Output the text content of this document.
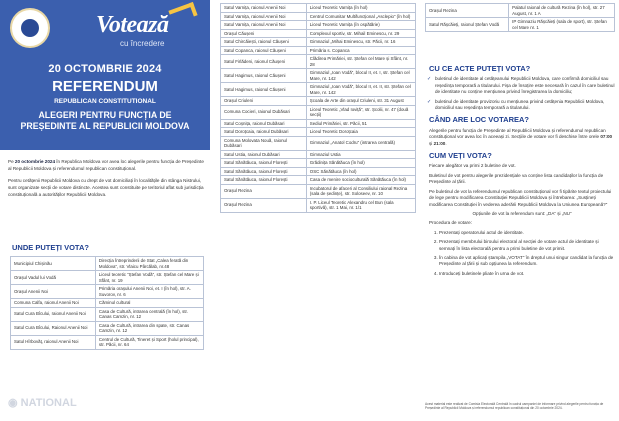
Votează
cu încredere
20 OCTOMBRIE 2024
REFERENDUM
REPUBLICAN CONSTITUTIONAL
ALEGERI PENTRU FUNCȚIA DE
PREȘEDINTE AL REPUBLICII MOLDOVA

Pe 20 octombrie 2024 în Republica Moldova vor avea loc alegerile pentru funcția de Președinte al Republicii Moldova și referendumul republican constituțional.

Pentru cetățenii Republicii Moldova cu drept de vot domiciliați în localitățile din stânga Nistrului, sunt organizate secții de votare distincte. Acestea sunt constituite pe teritoriul aflat sub jurisdicția constituțională a autorităților Republicii Moldova.

UNDE PUTEȚI VOTA?
Municipiul Chișinău	Direcția Întreprinderii de Stat „Calea ferată din Moldova”, str. Vlaicu Pârcălab, nr.48
Orașul Vadul lui Vodă	Liceul teoretic “Ștefan Vodă”, str. Ștefan cel Mare și Sfânt, nr. 19
Orașul Anenii Noi	Primăria orașului Anenii Noi, et. I (în hol), str. A. Suvorov, nr. 6
Comuna Calfa, raionul Anenii Noi	Căminul cultural
Satul Cura Bîcului, raionul Anenii Noi	Casa de Cultură, intrarea centrală (în hol), str. Canas Camzin, nr. 12
Satul Cura Bîcului, Raionul Anenii Noi	Casa de Cultură, intrarea din spate, str. Canas Camzin, nr. 12
Satul Hîrbovăț, raionul Anenii Noi	Centrul de Cultură, Tineret și Sport (holul principal), str. Păcii, nr. 64
Satul Varnița, raionul Anenii Noi	Liceul Teoretic Varnița (în hol)
Satul Varnița, raionul Anenii Noi	Centrul Comunitar Multifuncțional „Asclepio” (în hol)
Satul Varnița, raionul Anenii Noi	Liceul Teoretic Varnița (în ospătărie)
Orașul Căușeni	Complexul sportiv, str. Mihail Eminescu, nr. 29
Satul Chircăiești, raionul Căușeni	Gimnaziul „Mihai Eminescu, str. Păcii, nr. 16
Satul Copanca, raionul Căușeni	Primăria s. Copanca
Satul Firlădeni, raionul Căușeni	Clădirea Primăriei, str. Ștefan cel Mare și Sfânt, nr. 28
Satul Hagimus, raionul Căușeni	Gimnaziul „Ioan Vodă”, blocul II, et. I, str. Ștefan cel Mare, nr. 142
Satul Hagimus, raionul Căușeni	Gimnaziul „Ioan Vodă”, blocul II, et. II, str. Ștefan cel Mare, nr. 142
Orașul Criuleni	Școala de Arte din orașul Criuleni, str. 31 August
Comuna Cocieri, raionul Dubăsari	Liceul Teoretic „Vlad Ioviță”, str. Școlii, nr. 47 (două secții)
Satul Coșnița, raionul Dubăsari	Sediul Primăriei, str. Păcii, 51
Satul Doroțcaia, raionul Dubăsari	Liceul Teoretic Doroțcaia
Comuna Molovata Nouă, raionul Dubăsari	Gimnaziul „Anatol Codru” (intrarea centrală)
Satul Ustia, raionul Dubăsari	Gimnaziul Ustia
Satul Sănătăuca, raionul Florești	Grădinița Sănătăuca (în hol)
Satul Sănătăuca, raionul Florești	OSC Sănătăuca (în hol)
Satul Sănătăuca, raionul Florești	Casa de menire socioculturală Sănătăuca (în hol)
Orașul Rezina	Incubatorul de afaceri al Consiliului raional Rezina (sala de ședințe), str. Soloseev, nr. 10
Orașul Rezina	I. P. Liceul Teoretic Alexandru cel Bun (sala sportivă), str. 1 Mai, nr. 1/1
Orașul Rezina	Palatul raional de cultură Rezina (în hol), str. 27 August, nr. 1 A
Satul Rășcăieți, raionul Ștefan Vodă	IP Gimnaziu Rășcăieți (sala de sport), str. Ștefan cel Mare nr. 1
CU CE ACTE PUTEȚI VOTA?
✓ buletinul de identitate al cetățeanului Republicii Moldova, care confirmă domiciliul sau reședința temporară a titularului. Fișa de însoțire este necesară în cazul în care buletinul de identitate nu conține mențiunea privind înregistrarea la domiciliu;
✓ buletinul de identitate provizoriu cu mențiunea privind cetățenia Republicii Moldova, domiciliul sau reședința temporară a titularului.
CÂND ARE LOC VOTAREA?

Alegerile pentru funcția de Președinte al Republicii Moldova și referendumul republican constituțional vor avea loc în aceeași zi. Secțiile de votare vor fi deschise între orele 07:00 și 21:00.

CUM VEȚI VOTA?

Fiecare alegător va primi 2 buletine de vot.

Buletinul de vot pentru alegerile prezidențiale va conține lista candidaților la funcția de Președinte al țării.

Pe buletinul de vot la referendumul republican constituțional vor fi tipărite textul proiectului de lege pentru modificarea Constituției Republicii Moldova și întrebarea: „Susțineți modificarea Constituției în vederea aderării Republicii Moldova la Uniunea Europeană?”

Opțiunile de vot la referendum sunt: „DA” și „NU”

Procedura de votare:

1. Prezentați operatorului actul de identitate.
2. Prezentați membrului biroului electoral al secției de votare actul de identitate și semnați în lista electorală pentru a primi buletine de vot primit.
3. În cabina de vot aplicați ștampila „VOTAT” în dreptul unui singur candidat la funcția de Președinte al țării și sub opțiunea la referendum.
4. Introduceți buletinele pliate în urna de vot.
Acest material este realizat de Comisia Electorală Centrală în cadrul campaniei de informare privind alegerile pentru funcția de Președinte al Republicii Moldova și referendumul republican constituțional din 20 octombrie 2024.
◉ NATIONAL
